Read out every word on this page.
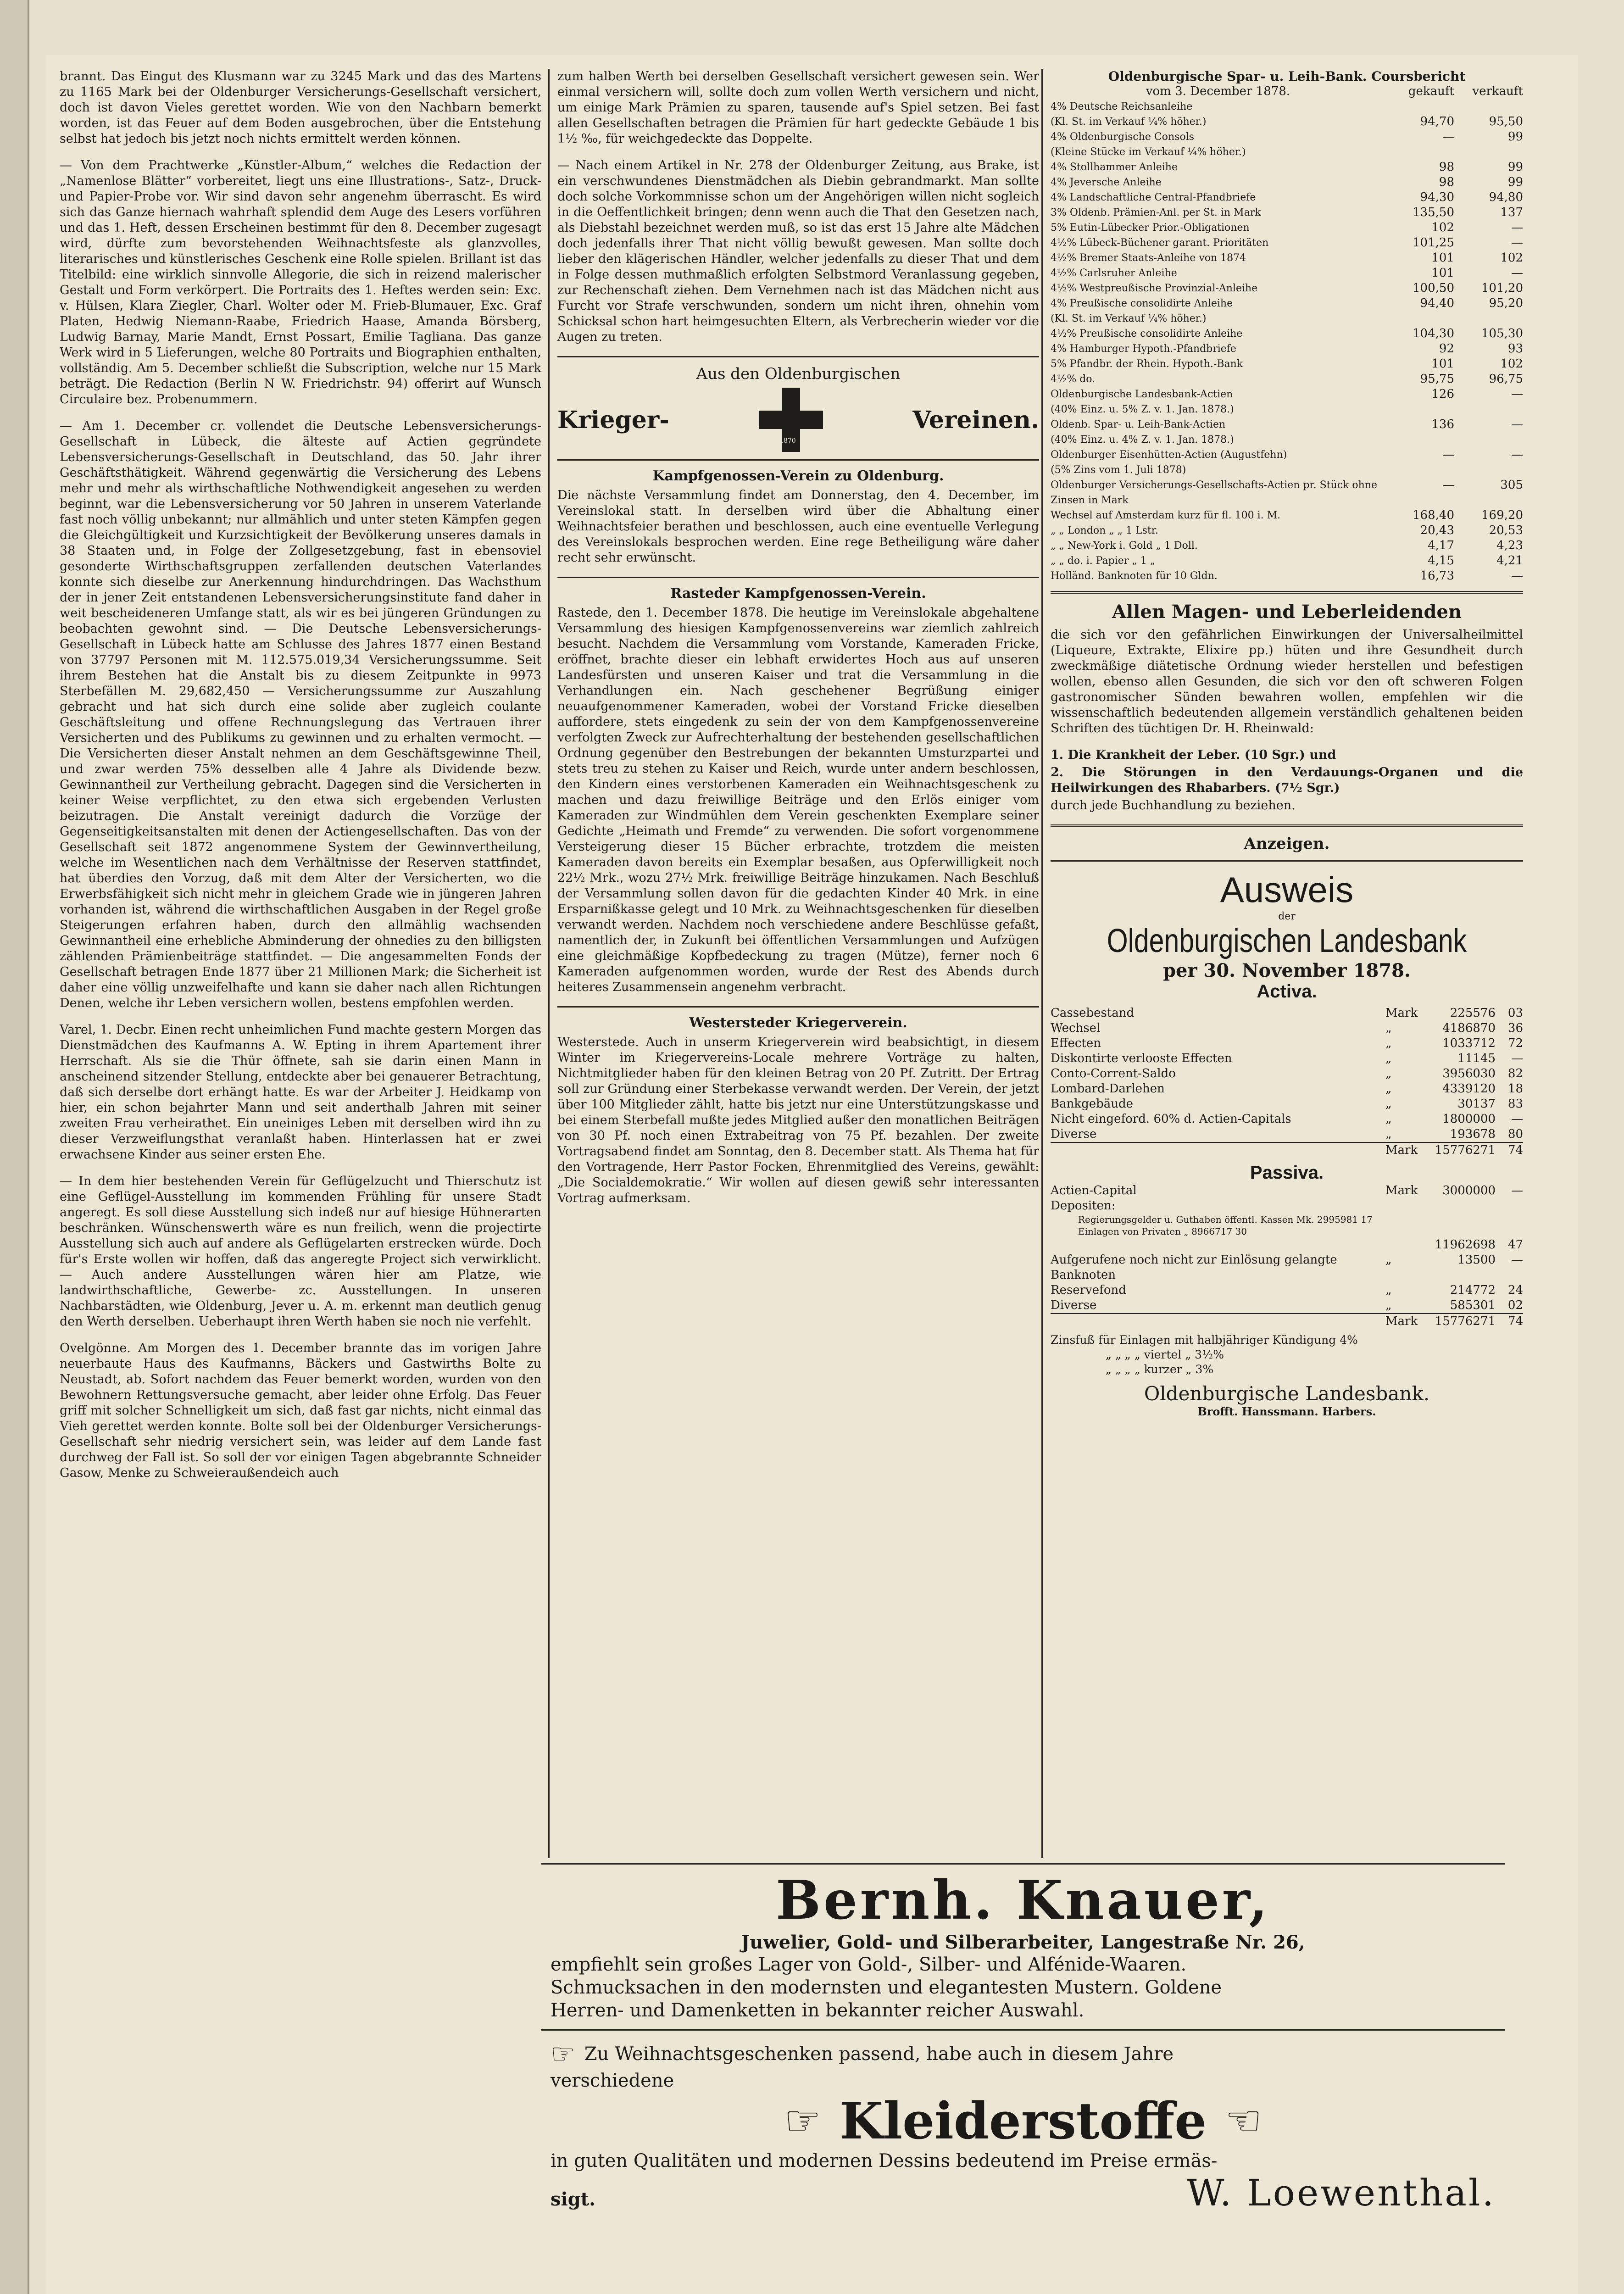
brannt. Das Eingut des Klusmann war zu 3245 Mark und das des Martens zu 1165 Mark bei der Oldenburger Versicherungs-Gesellschaft versichert, doch ist davon Vieles gerettet worden. Wie von den Nachbarn bemerkt worden, ist das Feuer auf dem Boden ausgebrochen, über die Entstehung selbst hat jedoch bis jetzt noch nichts ermittelt werden können.

— Von dem Prachtwerke „Künstler-Album,“ welches die Redaction der „Namenlose Blätter“ vorbereitet, liegt uns eine Illustrations-, Satz-, Druck- und Papier-Probe vor. Wir sind davon sehr angenehm überrascht. Es wird sich das Ganze hiernach wahrhaft splendid dem Auge des Lesers vorführen und das 1. Heft, dessen Erscheinen bestimmt für den 8. December zugesagt wird, dürfte zum bevorstehenden Weihnachtsfeste als glanzvolles, literarisches und künstlerisches Geschenk eine Rolle spielen. Brillant ist das Titelbild: eine wirklich sinnvolle Allegorie, die sich in reizend malerischer Gestalt und Form verkörpert. Die Portraits des 1. Heftes werden sein: Exc. v. Hülsen, Klara Ziegler, Charl. Wolter oder M. Frieb-Blumauer, Exc. Graf Platen, Hedwig Niemann-Raabe, Friedrich Haase, Amanda Börsberg, Ludwig Barnay, Marie Mandt, Ernst Possart, Emilie Tagliana. Das ganze Werk wird in 5 Lieferungen, welche 80 Portraits und Biographien enthalten, vollständig. Am 5. December schließt die Subscription, welche nur 15 Mark beträgt. Die Redaction (Berlin N W. Friedrichstr. 94) offerirt auf Wunsch Circulaire bez. Probenummern.

— Am 1. December cr. vollendet die Deutsche Lebensversicherungs-Gesellschaft in Lübeck, die älteste auf Actien gegründete Lebensversicherungs-Gesellschaft in Deutschland, das 50. Jahr ihrer Geschäftsthätigkeit. Während gegenwärtig die Versicherung des Lebens mehr und mehr als wirthschaftliche Nothwendigkeit angesehen zu werden beginnt, war die Lebensversicherung vor 50 Jahren in unserem Vaterlande fast noch völlig unbekannt; nur allmählich und unter steten Kämpfen gegen die Gleichgültigkeit und Kurzsichtigkeit der Bevölkerung unseres damals in 38 Staaten und, in Folge der Zollgesetzgebung, fast in ebensoviel gesonderte Wirthschaftsgruppen zerfallenden deutschen Vaterlandes konnte sich dieselbe zur Anerkennung hindurchdringen. Das Wachsthum der in jener Zeit entstandenen Lebensversicherungsinstitute fand daher in weit bescheideneren Umfange statt, als wir es bei jüngeren Gründungen zu beobachten gewohnt sind. — Die Deutsche Lebensversicherungs-Gesellschaft in Lübeck hatte am Schlusse des Jahres 1877 einen Bestand von 37797 Personen mit M. 112.575.019,34 Versicherungssumme. Seit ihrem Bestehen hat die Anstalt bis zu diesem Zeitpunkte in 9973 Sterbefällen M. 29,682,450 — Versicherungssumme zur Auszahlung gebracht und hat sich durch eine solide aber zugleich coulante Geschäftsleitung und offene Rechnungslegung das Vertrauen ihrer Versicherten und des Publikums zu gewinnen und zu erhalten vermocht. — Die Versicherten dieser Anstalt nehmen an dem Geschäftsgewinne Theil, und zwar werden 75% desselben alle 4 Jahre als Dividende bezw. Gewinnantheil zur Vertheilung gebracht. Dagegen sind die Versicherten in keiner Weise verpflichtet, zu den etwa sich ergebenden Verlusten beizutragen. Die Anstalt vereinigt dadurch die Vorzüge der Gegenseitigkeitsanstalten mit denen der Actiengesellschaften. Das von der Gesellschaft seit 1872 angenommene System der Gewinnvertheilung, welche im Wesentlichen nach dem Verhältnisse der Reserven stattfindet, hat überdies den Vorzug, daß mit dem Alter der Versicherten, wo die Erwerbsfähigkeit sich nicht mehr in gleichem Grade wie in jüngeren Jahren vorhanden ist, während die wirthschaftlichen Ausgaben in der Regel große Steigerungen erfahren haben, durch den allmählig wachsenden Gewinnantheil eine erhebliche Abminderung der ohnedies zu den billigsten zählenden Prämienbeiträge stattfindet. — Die angesammelten Fonds der Gesellschaft betragen Ende 1877 über 21 Millionen Mark; die Sicherheit ist daher eine völlig unzweifelhafte und kann sie daher nach allen Richtungen Denen, welche ihr Leben versichern wollen, bestens empfohlen werden.

Varel, 1. Decbr. Einen recht unheimlichen Fund machte gestern Morgen das Dienstmädchen des Kaufmanns A. W. Epting in ihrem Apartement ihrer Herrschaft. Als sie die Thür öffnete, sah sie darin einen Mann in anscheinend sitzender Stellung, entdeckte aber bei genauerer Betrachtung, daß sich derselbe dort erhängt hatte. Es war der Arbeiter J. Heidkamp von hier, ein schon bejahrter Mann und seit anderthalb Jahren mit seiner zweiten Frau verheirathet. Ein uneiniges Leben mit derselben wird ihn zu dieser Verzweiflungsthat veranlaßt haben. Hinterlassen hat er zwei erwachsene Kinder aus seiner ersten Ehe.

— In dem hier bestehenden Verein für Geflügelzucht und Thierschutz ist eine Geflügel-Ausstellung im kommenden Frühling für unsere Stadt angeregt. Es soll diese Ausstellung sich indeß nur auf hiesige Hühnerarten beschränken. Wünschenswerth wäre es nun freilich, wenn die projectirte Ausstellung sich auch auf andere als Geflügelarten erstrecken würde. Doch für's Erste wollen wir hoffen, daß das angeregte Project sich verwirklicht. — Auch andere Ausstellungen wären hier am Platze, wie landwirthschaftliche, Gewerbe- zc. Ausstellungen. In unseren Nachbarstädten, wie Oldenburg, Jever u. A. m. erkennt man deutlich genug den Werth derselben. Ueberhaupt ihren Werth haben sie noch nie verfehlt.

Ovelgönne. Am Morgen des 1. December brannte das im vorigen Jahre neuerbaute Haus des Kaufmanns, Bäckers und Gastwirths Bolte zu Neustadt, ab. Sofort nachdem das Feuer bemerkt worden, wurden von den Bewohnern Rettungsversuche gemacht, aber leider ohne Erfolg. Das Feuer griff mit solcher Schnelligkeit um sich, daß fast gar nichts, nicht einmal das Vieh gerettet werden konnte. Bolte soll bei der Oldenburger Versicherungs-Gesellschaft sehr niedrig versichert sein, was leider auf dem Lande fast durchweg der Fall ist. So soll der vor einigen Tagen abgebrannte Schneider Gasow, Menke zu Schweieraußendeich auch

zum halben Werth bei derselben Gesellschaft versichert gewesen sein. Wer einmal versichern will, sollte doch zum vollen Werth versichern und nicht, um einige Mark Prämien zu sparen, tausende auf's Spiel setzen. Bei fast allen Gesellschaften betragen die Prämien für hart gedeckte Gebäude 1 bis 1½ ‰, für weichgedeckte das Doppelte.

— Nach einem Artikel in Nr. 278 der Oldenburger Zeitung, aus Brake, ist ein verschwundenes Dienstmädchen als Diebin gebrandmarkt. Man sollte doch solche Vorkommnisse schon um der Angehörigen willen nicht sogleich in die Oeffentlichkeit bringen; denn wenn auch die That den Gesetzen nach, als Diebstahl bezeichnet werden muß, so ist das erst 15 Jahre alte Mädchen doch jedenfalls ihrer That nicht völlig bewußt gewesen. Man sollte doch lieber den klägerischen Händler, welcher jedenfalls zu dieser That und dem in Folge dessen muthmaßlich erfolgten Selbstmord Veranlassung gegeben, zur Rechenschaft ziehen. Dem Vernehmen nach ist das Mädchen nicht aus Furcht vor Strafe verschwunden, sondern um nicht ihren, ohnehin vom Schicksal schon hart heimgesuchten Eltern, als Verbrecherin wieder vor die Augen zu treten.

Aus den Oldenburgischen
Krieger-
1870
Vereinen.
Kampfgenossen-Verein zu Oldenburg.

Die nächste Versammlung findet am Donnerstag, den 4. December, im Vereinslokal statt. In derselben wird über die Abhaltung einer Weihnachtsfeier berathen und beschlossen, auch eine eventuelle Verlegung des Vereinslokals besprochen werden. Eine rege Betheiligung wäre daher recht sehr erwünscht.

Rasteder Kampfgenossen-Verein.

Rastede, den 1. December 1878. Die heutige im Vereinslokale abgehaltene Versammlung des hiesigen Kampfgenossenvereins war ziemlich zahlreich besucht. Nachdem die Versammlung vom Vorstande, Kameraden Fricke, eröffnet, brachte dieser ein lebhaft erwidertes Hoch aus auf unseren Landesfürsten und unseren Kaiser und trat die Versammlung in die Verhandlungen ein. Nach geschehener Begrüßung einiger neuaufgenommener Kameraden, wobei der Vorstand Fricke dieselben auffordere, stets eingedenk zu sein der von dem Kampfgenossenvereine verfolgten Zweck zur Aufrechterhaltung der bestehenden gesellschaftlichen Ordnung gegenüber den Bestrebungen der bekannten Umsturzpartei und stets treu zu stehen zu Kaiser und Reich, wurde unter andern beschlossen, den Kindern eines verstorbenen Kameraden ein Weihnachtsgeschenk zu machen und dazu freiwillige Beiträge und den Erlös einiger vom Kameraden zur Windmühlen dem Verein geschenkten Exemplare seiner Gedichte „Heimath und Fremde“ zu verwenden. Die sofort vorgenommene Versteigerung dieser 15 Bücher erbrachte, trotzdem die meisten Kameraden davon bereits ein Exemplar besaßen, aus Opferwilligkeit noch 22½ Mrk., wozu 27½ Mrk. freiwillige Beiträge hinzukamen. Nach Beschluß der Versammlung sollen davon für die gedachten Kinder 40 Mrk. in eine Ersparnißkasse gelegt und 10 Mrk. zu Weihnachtsgeschenken für dieselben verwandt werden. Nachdem noch verschiedene andere Beschlüsse gefaßt, namentlich der, in Zukunft bei öffentlichen Versammlungen und Aufzügen eine gleichmäßige Kopfbedeckung zu tragen (Mütze), ferner noch 6 Kameraden aufgenommen worden, wurde der Rest des Abends durch heiteres Zusammensein angenehm verbracht.

Westersteder Kriegerverein.

Westerstede. Auch in unserm Kriegerverein wird beabsichtigt, in diesem Winter im Kriegervereins-Locale mehrere Vorträge zu halten, Nichtmitglieder haben für den kleinen Betrag von 20 Pf. Zutritt. Der Ertrag soll zur Gründung einer Sterbekasse verwandt werden. Der Verein, der jetzt über 100 Mitglieder zählt, hatte bis jetzt nur eine Unterstützungskasse und bei einem Sterbefall mußte jedes Mitglied außer den monatlichen Beiträgen von 30 Pf. noch einen Extrabeitrag von 75 Pf. bezahlen. Der zweite Vortragsabend findet am Sonntag, den 8. December statt. Als Thema hat für den Vortragende, Herr Pastor Focken, Ehrenmitglied des Vereins, gewählt: „Die Socialdemokratie.“ Wir wollen auf diesen gewiß sehr interessanten Vortrag aufmerksam.

Oldenburgische Spar- u. Leih-Bank. Coursbericht
vom 3. December 1878.	gekauft	verkauft
4% Deutsche Reichsanleihe
(Kl. St. im Verkauf ¼% höher.)	94,70	95,50
4% Oldenburgische Consols	—	99
(Kleine Stücke im Verkauf ¼% höher.)
4% Stollhammer Anleihe	98	99
4% Jeversche Anleihe	98	99
4% Landschaftliche Central-Pfandbriefe	94,30	94,80
3% Oldenb. Prämien-Anl. per St. in Mark	135,50	137
5% Eutin-Lübecker Prior.-Obligationen	102	—
4½% Lübeck-Büchener garant. Prioritäten	101,25	—
4½% Bremer Staats-Anleihe von 1874	101	102
4½% Carlsruher Anleihe	101	—
4½% Westpreußische Provinzial-Anleihe	100,50	101,20
4% Preußische consolidirte Anleihe	94,40	95,20
(Kl. St. im Verkauf ¼% höher.)
4½% Preußische consolidirte Anleihe	104,30	105,30
4% Hamburger Hypoth.-Pfandbriefe	92	93
5% Pfandbr. der Rhein. Hypoth.-Bank	101	102
4½% do.	95,75	96,75
Oldenburgische Landesbank-Actien	126	—
(40% Einz. u. 5% Z. v. 1. Jan. 1878.)
Oldenb. Spar- u. Leih-Bank-Actien	136	—
(40% Einz. u. 4% Z. v. 1. Jan. 1878.)
Oldenburger Eisenhütten-Actien (Augustfehn)	—	—
(5% Zins vom 1. Juli 1878)
Oldenburger Versicherungs-Gesellschafts-Actien pr. Stück ohne Zinsen in Mark
—	305
Wechsel auf Amsterdam kurz für fl. 100 i. M.	168,40	169,20
„ „ London „ „ 1 Lstr.	20,43	20,53
„ „ New-York i. Gold „ 1 Doll.	4,17	4,23
„ „ do. i. Papier „ 1 „	4,15	4,21
Holländ. Banknoten für 10 Gldn.	16,73	—
Allen Magen- und Leberleidenden

die sich vor den gefährlichen Einwirkungen der Universalheilmittel (Liqueure, Extrakte, Elixire pp.) hüten und ihre Gesundheit durch zweckmäßige diätetische Ordnung wieder herstellen und befestigen wollen, ebenso allen Gesunden, die sich vor den oft schweren Folgen gastronomischer Sünden bewahren wollen, empfehlen wir die wissenschaftlich bedeutenden allgemein verständlich gehaltenen beiden Schriften des tüchtigen Dr. H. Rheinwald:

1. Die Krankheit der Leber. (10 Sgr.) und

2. Die Störungen in den Verdauungs-Organen und die Heilwirkungen des Rhabarbers. (7½ Sgr.)

durch jede Buchhandlung zu beziehen.

Anzeigen.
Ausweis
der
Oldenburgischen Landesbank
per 30. November 1878.
Activa.
Cassebestand	Mark	225576	03
Wechsel	„	4186870	36
Effecten	„	1033712	72
Diskontirte verlooste Effecten	„	11145	—
Conto-Corrent-Saldo	„	3956030	82
Lombard-Darlehen	„	4339120	18
Bankgebäude	„	30137	83
Nicht eingeford. 60% d. Actien-Capitals	„	1800000	—
Diverse	„	193678	80
Mark	15776271	74
Passiva.
Actien-Capital	Mark	3000000	—
Depositen:
Regierungsgelder u. Guthaben öffentl. Kassen Mk. 2995981 17
Einlagen von Privaten „ 8966717 30
11962698	47
Aufgerufene noch nicht zur Einlösung gelangte Banknoten
„	13500	—
Reservefond	„	214772	24
Diverse	„	585301	02
Mark	15776271	74
Zinsfuß für Einlagen mit halbjähriger Kündigung 4%
„ „ „ „ viertel „ 3½%
„ „ „ „ kurzer „ 3%
Oldenburgische Landesbank.
Brofft. Hanssmann. Harbers.
Bernh. Knauer,
Juwelier, Gold- und Silberarbeiter, Langestraße Nr. 26,
empfiehlt sein großes Lager von Gold-, Silber- und Alfénide-Waaren.
Schmucksachen in den modernsten und elegantesten Mustern. Goldene
Herren- und Damenketten in bekannter reicher Auswahl.
☞ Zu Weihnachtsgeschenken passend, habe auch in diesem Jahre
verschiedene
☞ Kleiderstoffe ☜
in guten Qualitäten und modernen Dessins bedeutend im Preise ermäs-
sigt.	W. Loewenthal.
